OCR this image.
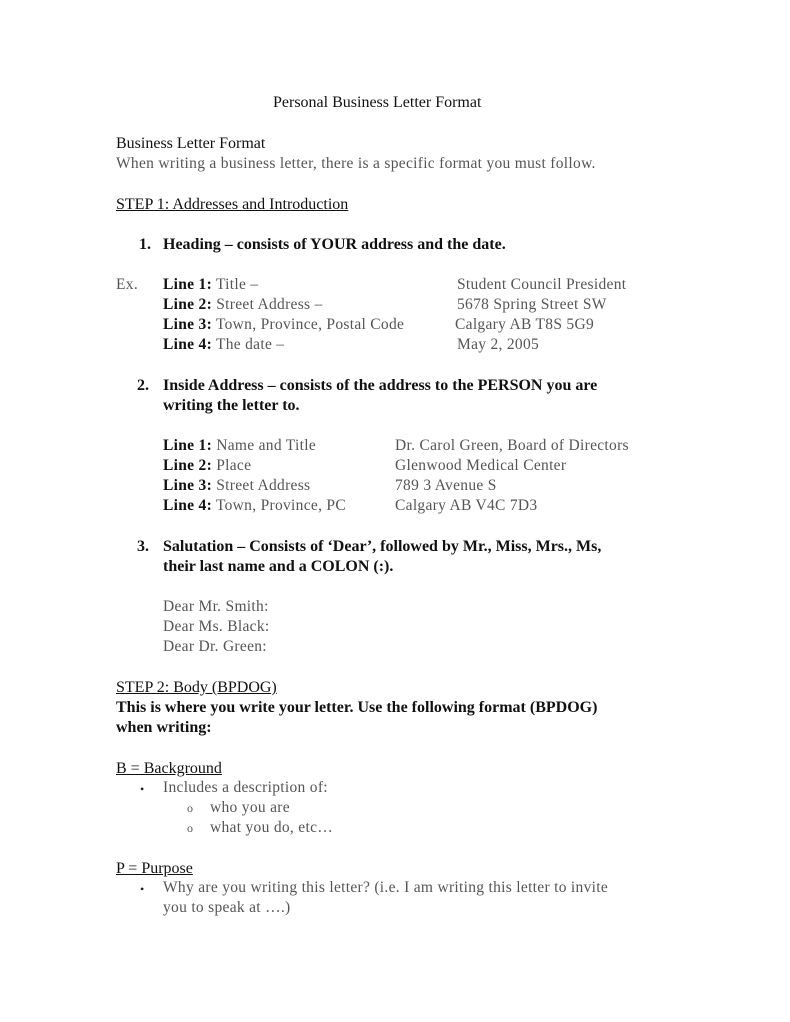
Personal Business Letter Format
Business Letter Format
When writing a business letter, there is a specific format you must follow.
STEP 1: Addresses and Introduction
1. Heading – consists of YOUR address and the date.
Ex. Line 1: Title –	Student Council President
Line 2: Street Address –	5678 Spring Street SW
Line 3: Town, Province, Postal Code	Calgary AB T8S 5G9
Line 4: The date –	May 2, 2005
2. Inside Address – consists of the address to the PERSON you are
writing the letter to.
Line 1: Name and Title	Dr. Carol Green, Board of Directors
Line 2: Place	Glenwood Medical Center
Line 3: Street Address	789 3 Avenue S
Line 4: Town, Province, PC	Calgary AB V4C 7D3
3. Salutation – Consists of ‘Dear’, followed by Mr., Miss, Mrs., Ms,
their last name and a COLON (:).
Dear Mr. Smith:
Dear Ms. Black:
Dear Dr. Green:
STEP 2: Body (BPDOG)
This is where you write your letter. Use the following format (BPDOG)
when writing:
B = Background
• Includes a description of:
o who you are
o what you do, etc…
P = Purpose
• Why are you writing this letter? (i.e. I am writing this letter to invite
you to speak at ….)
